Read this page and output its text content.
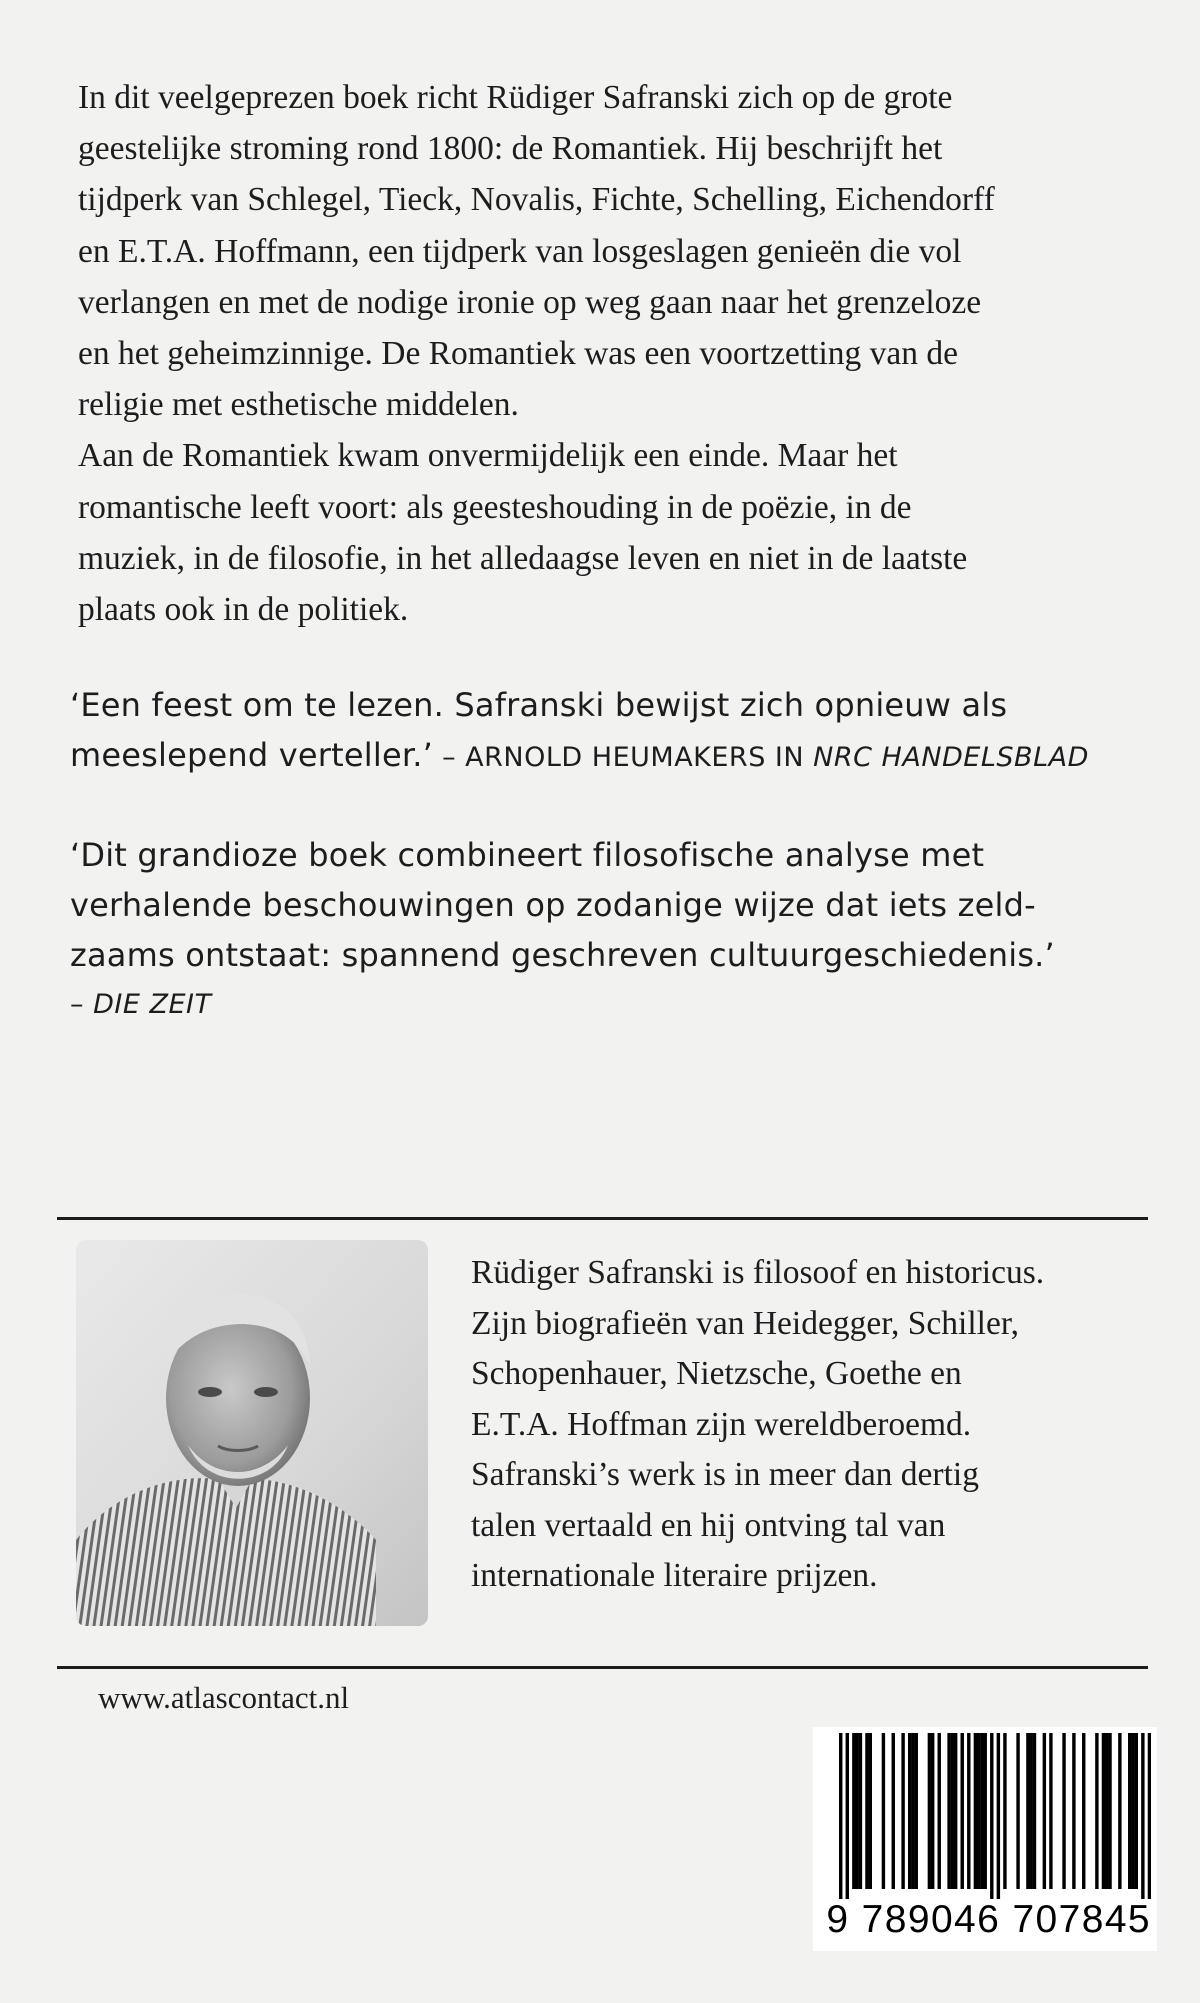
In dit veelgeprezen boek richt Rüdiger Safranski zich op de grote
geestelijke stroming rond 1800: de Romantiek. Hij beschrijft het
tijdperk van Schlegel, Tieck, Novalis, Fichte, Schelling, Eichendorff
en E.T.A. Hoffmann, een tijdperk van losgeslagen genieën die vol
verlangen en met de nodige ironie op weg gaan naar het grenzeloze
en het geheimzinnige. De Romantiek was een voortzetting van de
religie met esthetische middelen.
Aan de Romantiek kwam onvermijdelijk een einde. Maar het
romantische leeft voort: als geesteshouding in de poëzie, in de
muziek, in de filosofie, in het alledaagse leven en niet in de laatste
plaats ook in de politiek.
‘Een feest om te lezen. Safranski bewijst zich opnieuw als
meeslepend verteller.’ – ARNOLD HEUMAKERS IN NRC HANDELSBLAD
‘Dit grandioze boek combineert filosofische analyse met
verhalende beschouwingen op zodanige wijze dat iets zeld-
zaams ontstaat: spannend geschreven cultuurgeschiedenis.’
– DIE ZEIT
Rüdiger Safranski is filosoof en historicus.
Zijn biografieën van Heidegger, Schiller,
Schopenhauer, Nietzsche, Goethe en
E.T.A. Hoffman zijn wereldberoemd.
Safranski’s werk is in meer dan dertig
talen vertaald en hij ontving tal van
internationale literaire prijzen.
www.atlascontact.nl
9 789046 707845
